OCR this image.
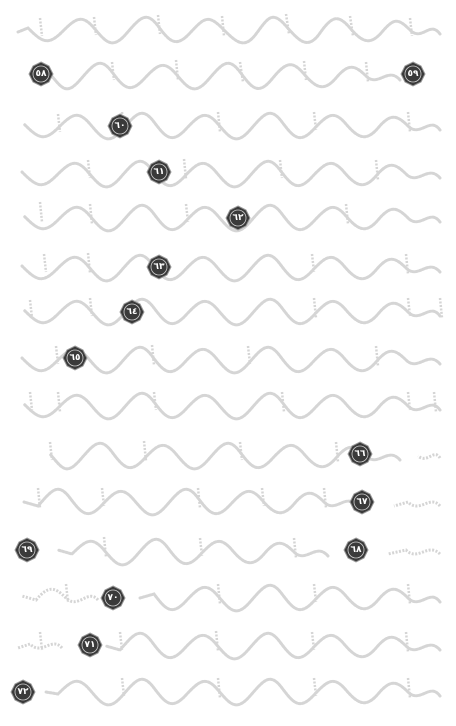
٥٨	٥٩
٦٠
٦١
٦٢
٦٣
٦٤
٦٥
٦٦
٦٧
٦٨
٦٩
٧٠
٧١
٧٢
